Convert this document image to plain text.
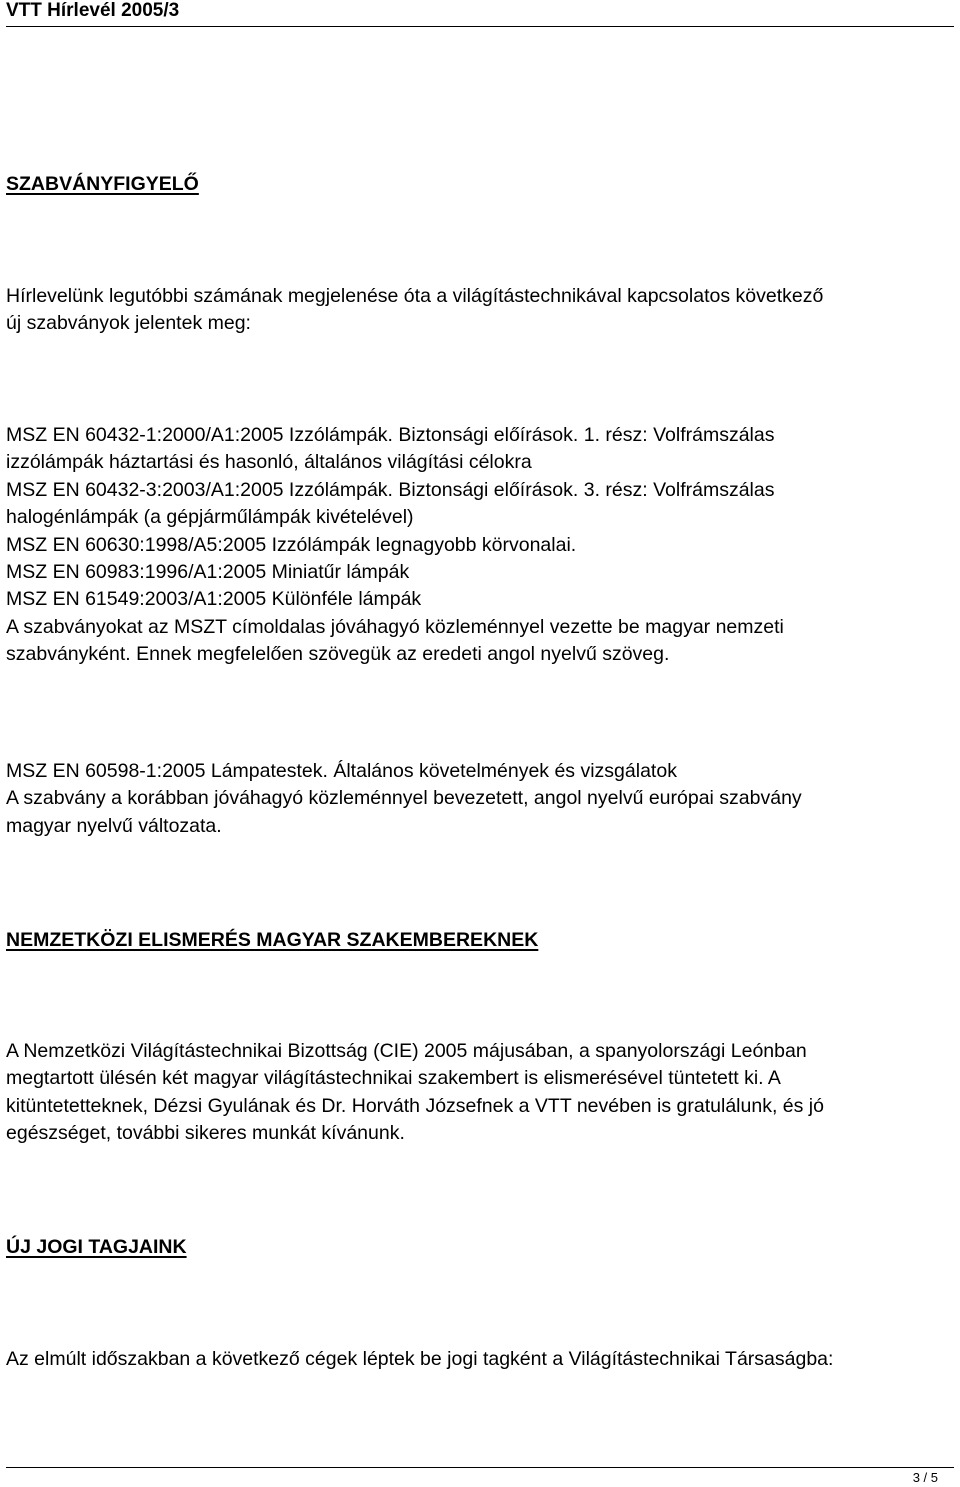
VTT Hírlevél 2005/3
SZABVÁNYFIGYELŐ
Hírlevelünk legutóbbi számának megjelenése óta a világítástechnikával kapcsolatos következő
új szabványok jelentek meg:
MSZ EN 60432-1:2000/A1:2005 Izzólámpák. Biztonsági előírások. 1. rész: Volfrámszálas
izzólámpák háztartási és hasonló, általános világítási célokra
MSZ EN 60432-3:2003/A1:2005 Izzólámpák. Biztonsági előírások. 3. rész: Volfrámszálas
halogénlámpák (a gépjárműlámpák kivételével)
MSZ EN 60630:1998/A5:2005 Izzólámpák legnagyobb körvonalai.
MSZ EN 60983:1996/A1:2005 Miniatűr lámpák
MSZ EN 61549:2003/A1:2005 Különféle lámpák
A szabványokat az MSZT címoldalas jóváhagyó közleménnyel vezette be magyar nemzeti
szabványként. Ennek megfelelően szövegük az eredeti angol nyelvű szöveg.
MSZ EN 60598-1:2005 Lámpatestek. Általános követelmények és vizsgálatok
A szabvány a korábban jóváhagyó közleménnyel bevezetett, angol nyelvű európai szabvány
magyar nyelvű változata.
NEMZETKÖZI ELISMERÉS MAGYAR SZAKEMBEREKNEK
A Nemzetközi Világítástechnikai Bizottság (CIE) 2005 májusában, a spanyolországi Leónban
megtartott ülésén két magyar világítástechnikai szakembert is elismerésével tüntetett ki. A
kitüntetetteknek, Dézsi Gyulának és Dr. Horváth Józsefnek a VTT nevében is gratulálunk, és jó
egészséget, további sikeres munkát kívánunk.
ÚJ JOGI TAGJAINK
Az elmúlt időszakban a következő cégek léptek be jogi tagként a Világítástechnikai Társaságba:
3 / 5
